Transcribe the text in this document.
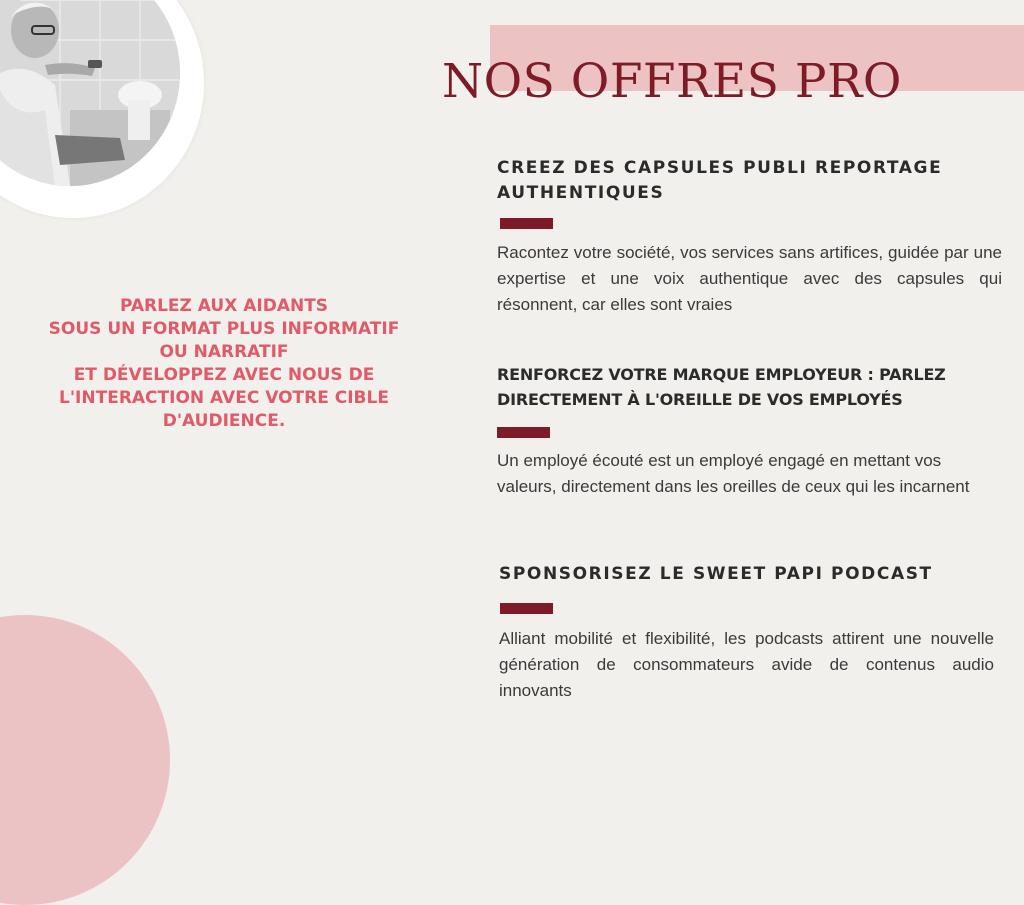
NOS OFFRES PRO
PARLEZ AUX AIDANTS
SOUS UN FORMAT PLUS INFORMATIF
OU NARRATIF
ET DÉVELOPPEZ AVEC NOUS DE
L'INTERACTION AVEC VOTRE CIBLE
D'AUDIENCE.
CREEZ DES CAPSULES PUBLI REPORTAGE
AUTHENTIQUES

Racontez votre société, vos services sans artifices, guidée par une expertise et une voix authentique avec des capsules qui résonnent, car elles sont vraies

RENFORCEZ VOTRE MARQUE EMPLOYEUR : PARLEZ
DIRECTEMENT À L'OREILLE DE VOS EMPLOYÉS

Un employé écouté est un employé engagé en mettant vos valeurs, directement dans les oreilles de ceux qui les incarnent

SPONSORISEZ LE SWEET PAPI PODCAST

Alliant mobilité et flexibilité, les podcasts attirent une nouvelle génération de consommateurs avide de contenus audio innovants
